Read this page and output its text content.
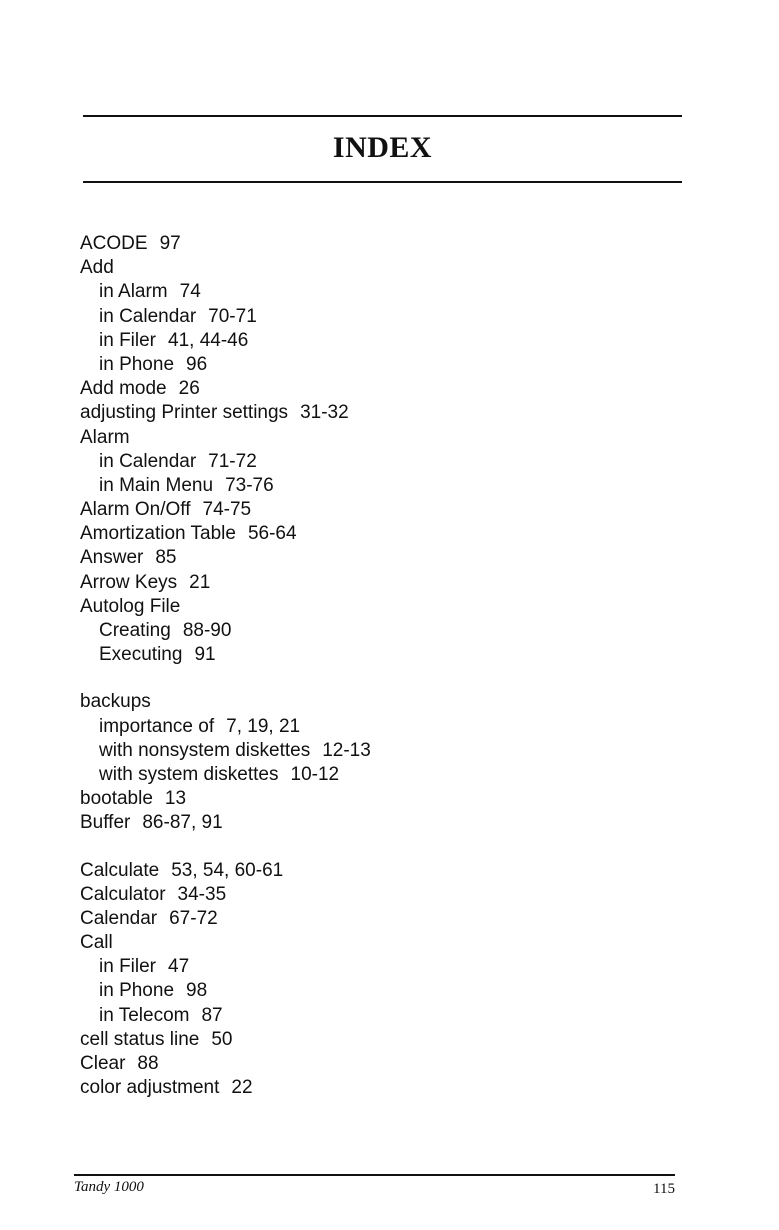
INDEX
ACODE 97
Add
in Alarm 74
in Calendar 70-71
in Filer 41, 44-46
in Phone 96
Add mode 26
adjusting Printer settings 31-32
Alarm
in Calendar 71-72
in Main Menu 73-76
Alarm On/Off 74-75
Amortization Table 56-64
Answer 85
Arrow Keys 21
Autolog File
Creating 88-90
Executing 91
backups
importance of 7, 19, 21
with nonsystem diskettes 12-13
with system diskettes 10-12
bootable 13
Buffer 86-87, 91
Calculate 53, 54, 60-61
Calculator 34-35
Calendar 67-72
Call
in Filer 47
in Phone 98
in Telecom 87
cell status line 50
Clear 88
color adjustment 22
Tandy 1000	115
